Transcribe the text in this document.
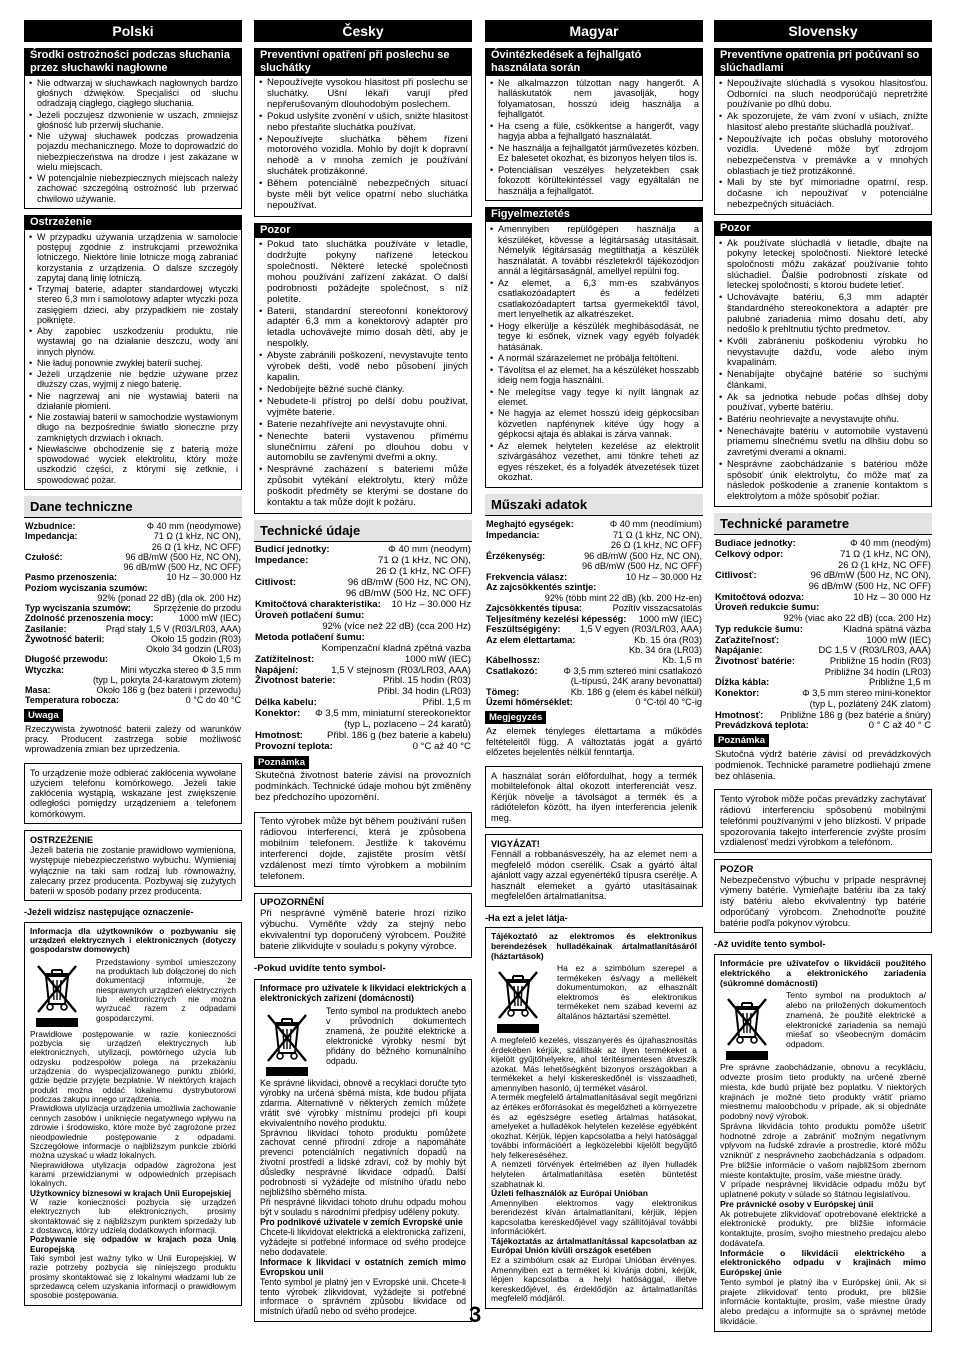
Polski
Środki ostrożności podczas słuchania przez słuchawki nagłowne
• Nie odtwarzaj w słuchawkach nagłownych bardzo głośnych dźwięków. Specjaliści od słuchu odradzają ciągłego, ciągłego słuchania.
• Jeżeli poczujesz dzwonienie w uszach, zmniejsz głośność lub przerwij słuchanie.
• Nie używaj słuchawek podczas prowadzenia pojazdu mechanicznego. Może to doprowadzić do niebezpieczeństwa na drodze i jest zakazane w wielu miejscach.
• W potencjalnie niebezpiecznych miejscach należy zachować szczególną ostrożność lub przerwać chwilowo używanie.
Ostrzeżenie
• W przypadku używania urządzenia w samolocie postępuj zgodnie z instrukcjami przewoźnika lotniczego. Niektóre linie lotnicze mogą zabraniać korzystania z urządzenia. O dalsze szczegóły zapytaj daną linię lotniczą.
• Trzymaj baterie, adapter standardowej wtyczki stereo 6,3 mm i samolotowy adapter wtyczki poza zasięgiem dzieci, aby przypadkiem nie zostały połknięte.
• Aby zapobiec uszkodzeniu produktu, nie wystawiaj go na działanie deszczu, wody ani innych płynów.
• Nie ładuj ponownie zwykłej baterii suchej.
• Jeżeli urządzenie nie będzie używane przez dłuższy czas, wyjmij z niego baterię.
• Nie nagrzewaj ani nie wystawiaj baterii na działanie płomieni.
• Nie zostawiaj baterii w samochodzie wystawionym długo na bezpośrednie światło słoneczne przy zamkniętych drzwiach i oknach.
• Niewłaściwe obchodzenie się z baterią może spowodować wyciek elektrolitu, który może uszkodzić części, z którymi się zetknie, i spowodować pożar.
Dane techniczne
Wzbudnice:	Φ 40 mm (neodymowe)
Impedancja:	71 Ω (1 kHz, NC ON),
26 Ω (1 kHz, NC OFF)
Czułość:	96 dB/mW (500 Hz, NC ON),
96 dB/mW (500 Hz, NC OFF)
Pasmo przenoszenia:	10 Hz – 30.000 Hz
Poziom wyciszania szumów:
92% (ponad 22 dB) (dla ok. 200 Hz)
Typ wyciszania szumów:	Sprzężenie do przodu
Zdolność przenoszenia mocy:	1000 mW (IEC)
Zasilanie:	Prąd stały 1,5 V (R03/LR03, AAA)
Żywotność baterii:	Około 15 godzin (R03)
Około 34 godzin (LR03)
Długość przewodu:	Około 1,5 m
Wtyczka:	Mini wtyczka stereo Φ 3,5 mm
(typ L, pokryta 24-karatowym złotem)
Masa:	Około 186 g (bez baterii i przewodu)
Temperatura robocza:	0 °C do 40 °C
Uwaga
Rzeczywista żywotność baterii zależy od warunków pracy. Producent zastrzega sobie możliwość wprowadzenia zmian bez uprzedzenia.
To urządzenie może odbierać zakłócenia wywołane użyciem telefonu komórkowego. Jeżeli takie zakłócenia wystąpią, wskazane jest zwiększenie odległości pomiędzy urządzeniem a telefonem komórkowym.
OSTRZEŻENIE
Jeżeli bateria nie zostanie prawidłowo wymieniona, występuje niebezpieczeństwo wybuchu. Wymieniaj wyłącznie na taki sam rodzaj lub równoważny, zalecany przez producenta. Pozbywaj się zużytych baterii w sposób podany przez producenta.
-Jeżeli widzisz następujące oznaczenie-
Informacja dla użytkowników o pozbywaniu się urządzeń elektrycznych i elektronicznych (dotyczy gospodarstw domowych)
Przedstawiony symbol umieszczony na produktach lub dołączonej do nich dokumentacji informuje, że niesprawnych urządzeń elektrycznych lub elektronicznych nie można wyrzucać razem z odpadami gospodarczymi.
Prawidłowe postępowanie w razie konieczności pozbycia się urządzeń elektrycznych lub elektronicznych, utylizacji, powtórnego użycia lub odzysku podzespołów polega na przekazaniu urządzenia do wyspecjalizowanego punktu zbiórki, gdzie będzie przyjęte bezpłatnie. W niektórych krajach produkt można oddać lokalnemu dystrybutorowi podczas zakupu innego urządzenia.
Prawidłowa utylizacja urządzenia umożliwia zachowanie cennych zasobów i uniknięcie negatywnego wpływu na zdrowie i środowisko, które może być zagrożone przez nieodpowiednie postępowanie z odpadami. Szczegółowe informacje o najbliższym punkcie zbiórki można uzyskać u władz lokalnych.
Nieprawidłowa utylizacja odpadów zagrożona jest karami przewidzianymi w odpowiednich przepisach lokalnych.
Użytkownicy biznesowi w krajach Unii Europejskiej
W razie konieczności pozbycia się urządzeń elektrycznych lub elektronicznych, prosimy skontaktować się z najbliższym punktem sprzedaży lub z dostawcą, którzy udzielą dodatkowych informacji.
Pozbywanie się odpadów w krajach poza Unią Europejską
Taki symbol jest ważny tylko w Unii Europejskiej. W razie potrzeby pozbycia się niniejszego produktu prosimy skontaktować się z lokalnymi władzami lub ze sprzedawcą celem uzyskania informacji o prawidłowym sposobie postępowania.
Česky
Preventivní opatření při poslechu se sluchátky
• Nepoužívejte vysokou hlasitost při poslechu se sluchátky. Ušní lékaři varují před nepřerušovaným dlouhodobým poslechem.
• Pokud uslyšíte zvonění v uších, snižte hlasitost nebo přestaňte sluchátka používat.
• Nepoužívejte sluchátka během řízení motorového vozidla. Mohlo by dojít k dopravní nehodě a v mnoha zemích je používání sluchátek protizákonné.
• Během potenciálně nebezpečných situací byste měli být velice opatrní nebo sluchátka nepoužívat.
Pozor
• Pokud tato sluchátka používáte v letadle, dodržujte pokyny nařízené leteckou společností. Některé letecké společnosti mohou používání zařízení zakázat. O další podrobnosti požádejte společnost, s níž poletíte.
• Baterii, standardní stereofonní konektorový adaptér 6,3 mm a konektorový adaptér pro letadla uchovávejte mimo dosah dětí, aby je nespolkly.
• Abyste zabránili poškození, nevystavujte tento výrobek dešti, vodě nebo působení jiných kapalin.
• Nedobíjejte běžné suché články.
• Nebudete-li přístroj po delší dobu používat, vyjměte baterie.
• Baterie nezahřívejte ani nevystavujte ohni.
• Nenechte baterii vystavenou přímému slunečnímu záření po dlouhou dobu v automobilu se zavřenými dveřmi a okny.
• Nesprávné zacházení s bateriemi může způsobit vytékání elektrolytu, který může poškodit předměty se kterými se dostane do kontaktu a tak může dojít k požáru.
Technické údaje
Budicí jednotky:	Φ 40 mm (neodym)
Impedance:	71 Ω (1 kHz, NC ON),
26 Ω (1 kHz, NC OFF)
Citlivost:	96 dB/mW (500 Hz, NC ON),
96 dB/mW (500 Hz, NC OFF)
Kmitočtová charakteristika: 10 Hz – 30.000 Hz
Úroveň potlačení šumu:
92% (více než 22 dB) (cca 200 Hz)
Metoda potlačení šumu:
Kompenzační kladná zpětná vazba
Zatížitelnost:	1000 mW (IEC)
Napájení:	1,5 V stejnosm (R03/LR03, AAA)
Životnost baterie:	Přibl. 15 hodin (R03)
Přibl. 34 hodin (LR03)
Délka kabelu:	Přibl. 1,5 m
Konektor: Φ 3,5 mm, miniaturní stereokonektor
(typ L, pozlaceno – 24 karatů)
Hmotnost:	Přibl. 186 g (bez baterie a kabelu)
Provozní teplota:	0 °C až 40 °C
Poznámka
Skutečná životnost baterie závisí na provozních podmínkách. Technické údaje mohou být změněny bez předchozího upozornění.
Tento výrobek může být během používání rušen rádiovou interferencí, která je způsobena mobilním telefonem. Jestliže k takovému interferenci dojde, zajistěte prosím větší vzdálenost mezi tímto výrobkem a mobilním telefonem.
UPOZORNĚNÍ
Při nesprávné výměně baterie hrozí riziko výbuchu. Vyměňte vždy za stejný nebo ekvivalentní typ doporučený výrobcem. Použité baterie zlikvidujte v souladu s pokyny výrobce.
-Pokud uvidíte tento symbol-
Informace pro uživatele k likvidaci elektrických a elektronických zařízení (domácnosti)
Tento symbol na produktech anebo v průvodních dokumentech znamená, že použité elektrické a elektronické výrobky nesmí být přidány do běžného komunálního odpadu.
Ke správné likvidaci, obnově a recyklaci doručte tyto výrobky na určená sběrná místa, kde budou přijata zdarma. Alternativně v některých zemích můžete vrátit své výrobky místnímu prodejci při koupi ekvivalentního nového produktu.
Správnou likvidací tohoto produktu pomůžete zachovat cenné přírodní zdroje a napomáháte prevenci potenciálních negativních dopadů na životní prostředí a lidské zdraví, což by mohly být důsledky nesprávné likvidace odpadů. Další podrobnosti si vyžádejte od místního úřadu nebo nejbližšího sběrného místa.
Při nesprávné likvidaci tohoto druhu odpadu mohou být v souladu s národními předpisy uděleny pokuty.
Pro podnikové uživatele v zemích Evropské unie
Chcete-li likvidovat elektrická a elektronická zařízení, vyžádejte si potřebné informace od svého prodejce nebo dodavatele.
Informace k likvidaci v ostatních zemích mimo Evropskou unii
Tento symbol je platný jen v Evropské unii. Chcete-li tento výrobek zlikvidovat, vyžádejte si potřebné informace o správném způsobu likvidace od místních úřadů nebo od svého prodejce.
Magyar
Óvintézkedések a fejhallgató használata során
• Ne alkalmazzon túlzottan nagy hangerőt. A halláskutatók nem javasolják, hogy folyamatosan, hosszú ideig használja a fejhallgatót.
• Ha cseng a füle, csökkentse a hangerőt, vagy hagyja abba a fejhallgató használatát.
• Ne használja a fejhallgatót járművezetés közben. Ez balesetet okozhat, és bizonyos helyen tilos is.
• Potenciálisan veszélyes helyzetekben csak fokozott körültekintéssel vagy egyáltalán ne használja a fejhallgatót.
Figyelmeztetés
• Amennyiben repülőgépen használja a készüléket, kövesse a légitársaság utasításait. Némelyik légitársaság megtilthatja a készülék használatát. A további részletekről tájékozódjon annál a légitársaságnál, amellyel repülni fog.
• Az elemet, a 6,3 mm-es szabványos csatlakozóadaptert és a fedélzeti csatlakozóadaptert tartsa gyermekektől távol, mert lenyelhetik az alkatrészeket.
• Hogy elkerülje a készülék meghibásodását, ne tegye ki esőnek, víznek vagy egyéb folyadék hatásának.
• A normál szárazelemet ne próbálja feltölteni.
• Távolítsa el az elemet, ha a készüléket hosszabb ideig nem fogja használni.
• Ne melegítse vagy tegye ki nyílt lángnak az elemet.
• Ne hagyja az elemet hosszú ideig gépkocsiban közvetlen napfénynek kitéve úgy hogy a gépkocsi ajtaja és ablakai is zárva vannak.
• Az elemek helytelen kezelése az elektrolit szivárgásához vezethet, ami tönkre teheti az egyes részeket, és a folyadék átvezetések tüzet okozhat.
Műszaki adatok
Meghajtó egységek:	Φ 40 mm (neodímium)
Impedancia:	71 Ω (1 kHz, NC ON),
26 Ω (1 kHz, NC OFF)
Érzékenység:	96 dB/mW (500 Hz, NC ON),
96 dB/mW (500 Hz, NC OFF)
Frekvencia válasz:	10 Hz – 30.000 Hz
Az zajcsökkentés szintje:
92% (több mint 22 dB) (kb. 200 Hz-en)
Zajcsökkentés típusa:	Pozitív visszacsatolás
Teljesítmény kezelési képesség: 1000 mW (IEC)
Feszültségigény: 1,5 V egyen (R03/LR03, AAA)
Az elem élettartama:	Kb. 15 óra (R03)
Kb. 34 óra (LR03)
Kábelhossz:	Kb. 1,5 m
Csatlakozó:	Φ 3,5 mm sztereó mini csatlakozó
(L-típusú, 24K arany bevonattal)
Tömeg:	Kb. 186 g (elem és kábel nélkül)
Üzemi hőmérséklet:	0 °C-tól 40 °C-ig
Megjegyzés
Az elemek tényleges élettartama a működés feltételeitől függ. A változtatás jogát a gyártó előzetes bejelentés nélkül fenntartja.
A használat során előfordulhat, hogy a termék mobiltelefonok által okozott interferenciát vesz. Kérjük növelje a távolságot a termék és a rádiótelefon között, ha ilyen interferencia jelenik meg.
VIGYÁZAT!
Fennáll a robbanásveszély, ha az elemet nem a megfelelő módon cserélik. Csak a gyártó által ajánlott vagy azzal egyenértékű típusra cserélje. A használt elemeket a gyártó utasításainak megfelelően ártalmatlanítsa.
-Ha ezt a jelet látja-
Tájékoztató az elektromos és elektronikus berendezések hulladékainak ártalmatlanításáról (háztartások)
Ha ez a szimbólum szerepel a termékeken és/vagy a mellékelt dokumentumokon, az elhasznált elektromos és elektronikus termékeket nem szabad keverni az általános háztartási szeméttel.
A megfelelő kezelés, visszanyerés és újrahasznosítás érdekében kérjük, szállítsák az ilyen termékeket a kijelölt gyűjtőhelyekre, ahol térítésmentesen átveszik azokat. Más lehetőségként bizonyos országokban a termékeket a helyi kiskereskedőnél is visszaadheti, amennyiben hasonló, új terméket vásárol.
A termék megfelelő ártalmatlanításával segít megőrizni az értékes erőforrásokat és megelőzheti a környezetre és az egészségre esetleg ártalmas hatásokat, amelyeket a hulladékok helytelen kezelése egyébként okozhat. Kérjük, lépjen kapcsolatba a helyi hatósággal további információért a legközelebbi kijelölt begyűjtő hely felkereséséhez.
A nemzeti törvények értelmében az ilyen hulladék helytelen ártalmatlanítása esetén büntetést szabhatnak ki.
Üzleti felhasználók az Európai Unióban
Amennyiben elektromos vagy elektronikus berendezést kíván ártalmatlanítani, kérjük, lépjen kapcsolatba kereskedőjével vagy szállítójával további információkért.
Tájékoztatás az ártalmatlanítással kapcsolatban az Európai Unión kívüli országok esetében
Ez a szimbólum csak az Európai Unióban érvényes. Amennyiben ezt a terméket ki kívánja dobni, kérjük, lépjen kapcsolatba a helyi hatósággal, illetve kereskedőjével, és érdeklődjön az ártalmatlanítás megfelelő módjáról.
Slovensky
Preventívne opatrenia pri počúvaní so slúchadlami
• Nepoužívajte slúchadlá s vysokou hlasitosťou. Odborníci na sluch neodporúčajú nepretržité používanie po dlhú dobu.
• Ak spozorujete, že vám zvoní v ušiach, znížte hlasitosť alebo prestaňte slúchadlá používať.
• Nepoužívajte ich počas obsluhy motorového vozidla. Uvedené môže byť zdrojom nebezpečenstva v premávke a v mnohých oblastiach je tiež protizákonné.
• Mali by ste byť mimoriadne opatrní, resp. dočasne ich nepoužívať v potenciálne nebezpečných situáciách.
Pozor
• Ak používate slúchadlá v lietadle, dbajte na pokyny leteckej spoločnosti. Niektoré letecké spoločnosti môžu zakázať používanie tohto slúchadiel. Ďalšie podrobnosti získate od leteckej spoločnosti, s ktorou budete letieť.
• Uchovávajte batériu, 6,3 mm adaptér štandardného stereokonektora a adaptér pre palubné zariadenia mimo dosahu detí, aby nedošlo k prehltnutiu týchto predmetov.
• Kvôli zabráneniu poškodeniu výrobku ho nevystavujte dažďu, vode alebo iným kvapalinám.
• Nenabíjajte obyčajné batérie so suchými článkami.
• Ak sa jednotka nebude počas dlhšej doby používať, vyberte batériu.
• Batériu neohrievajte a nevystavujte ohňu.
• Nenechávajte batériu v automobile vystavenú priamemu slnečnému svetlu na dlhšiu dobu so zavretými dverami a oknami.
• Nesprávne zaobchádzanie s batériou môže spôsobiť únik elektrolytu, čo môže mať za následok poškodenie a zranenie kontaktom s elektrolytom a môže spôsobiť požiar.
Technické parametre
Budiace jednotky:	Φ 40 mm (neodým)
Celkový odpor:	71 Ω (1 kHz, NC ON),
26 Ω (1 kHz, NC OFF)
Citlivosť:	96 dB/mW (500 Hz, NC ON),
96 dB/mW (500 Hz, NC OFF)
Kmitočtová odozva:	10 Hz – 30 000 Hz
Úroveň redukcie šumu:
92% (viac ako 22 dB) (cca. 200 Hz)
Typ redukcie šumu:	Kladná spätná väzba
Zaťažiteľnosť:	1000 mW (IEC)
Napájanie:	DC 1,5 V (R03/LR03, AAA)
Životnosť batérie:	Približne 15 hodín (R03)
Približne 34 hodín (LR03)
Dĺžka kábla:	Približne 1,5 m
Konektor:	Φ 3,5 mm stereo mini-konektor
(typ L, pozlátený 24K zlatom)
Hmotnosť: Približne 186 g (bez batérie a šnúry)
Prevádzková teplota:	0 ° C až 40 ° C
Poznámka
Skutočná výdrž batérie závisí od prevádzkových podmienok. Technické parametre podliehajú zmene bez ohlásenia.
Tento výrobok môže počas prevádzky zachytávať rádiovú interferenciu spôsobenú mobilnými telefónmi používanými v jeho blízkosti. V prípade spozorovania takejto interferencie zvýšte prosím vzdialenosť medzi výrobkom a telefónom.
POZOR
Nebezpečenstvo výbuchu v prípade nesprávnej výmeny batérie. Vymieňajte batériu iba za taký istý batériu alebo ekvivalentný typ batérie odporúčaný výrobcom. Znehodnoťte použité batérie podľa pokynov výrobcu.
-Až uvidíte tento symbol-
Informácie pre užívateľov o likvidácii použitého elektrického a elektronického zariadenia (súkromné domácnosti)
Tento symbol na produktoch a/ alebo na priložených dokumentoch znamená, že použité elektrické a elektronické zariadenia sa nemajú miešať so všeobecným domácim odpadom.
Pre správne zaobchádzanie, obnovu a recykláciu, odvezte prosím tieto produkty na určené zberné miesta, kde budú prijaté bez poplatku. V niektorých krajinách je možné tieto produkty vrátiť priamo miestnemu maloobchodu v prípade, ak si objednáte podobný nový výrobok.
Správna likvidácia tohto produktu pomôže ušetriť hodnotné zdroje a zabrániť možným negatívnym vplyvom na ľudské zdravie a prostredie, ktoré môžu vzniknúť z nesprávneho zaobchádzania s odpadom. Pre bližšie informácie o vašom najbližšom zbernom mieste kontaktujte, prosím, vaše miestne úrady.
V prípade nesprávnej likvidácie odpadu môžu byť uplatnené pokuty v súlade so štátnou legislatívou.
Pre právnické osoby v Európskej únii
Ak potrebujete zlikvidovať opotrebované elektrické a elektronické produkty, pre bližšie informácie kontaktujte, prosím, svojho miestneho predajcu alebo dodávateľa.
Informácie o likvidácii elektrického a elektronického odpadu v krajinách mimo Európskej únie
Tento symbol je platný iba v Európskej únii. Ak si prajete zlikvidovať tento produkt, pre bližšie informácie kontaktujte, prosím, vaše miestne úrady alebo predajcu a informujte sa o správnej metóde likvidácie.
3
